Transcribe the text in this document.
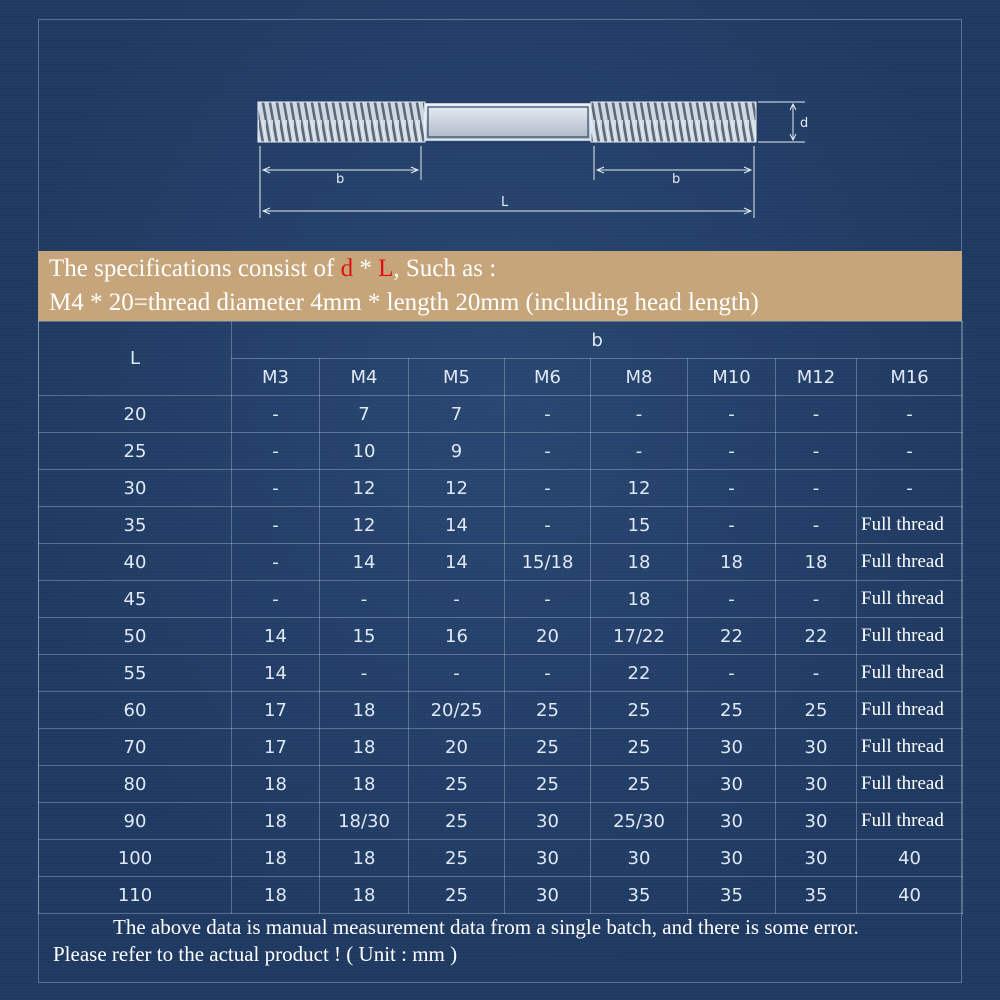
d
b	b
L
The specifications consist of d * L, Such as :
M4 * 20=thread diameter 4mm * length 20mm (including head length)
L	b							
	M3	M4	M5	M6	M8	M10	M12	M16
20	-	7	7	-	-	-	-	-
25	-	10	9	-	-	-	-	-
30	-	12	12	-	12	-	-	-
35	-	12	14	-	15	-	-	Full thread
40	-	14	14	15/18	18	18	18	Full thread
45	-	-	-	-	18	-	-	Full thread
50	14	15	16	20	17/22	22	22	Full thread
55	14	-	-	-	22	-	-	Full thread
60	17	18	20/25	25	25	25	25	Full thread
70	17	18	20	25	25	30	30	Full thread
80	18	18	25	25	25	30	30	Full thread
90	18	18/30	25	30	25/30	30	30	Full thread
100	18	18	25	30	30	30	30	40
110	18	18	25	30	35	35	35	40
The above data is manual measurement data from a single batch, and there is some error.
Please refer to the actual product ! ( Unit : mm )
